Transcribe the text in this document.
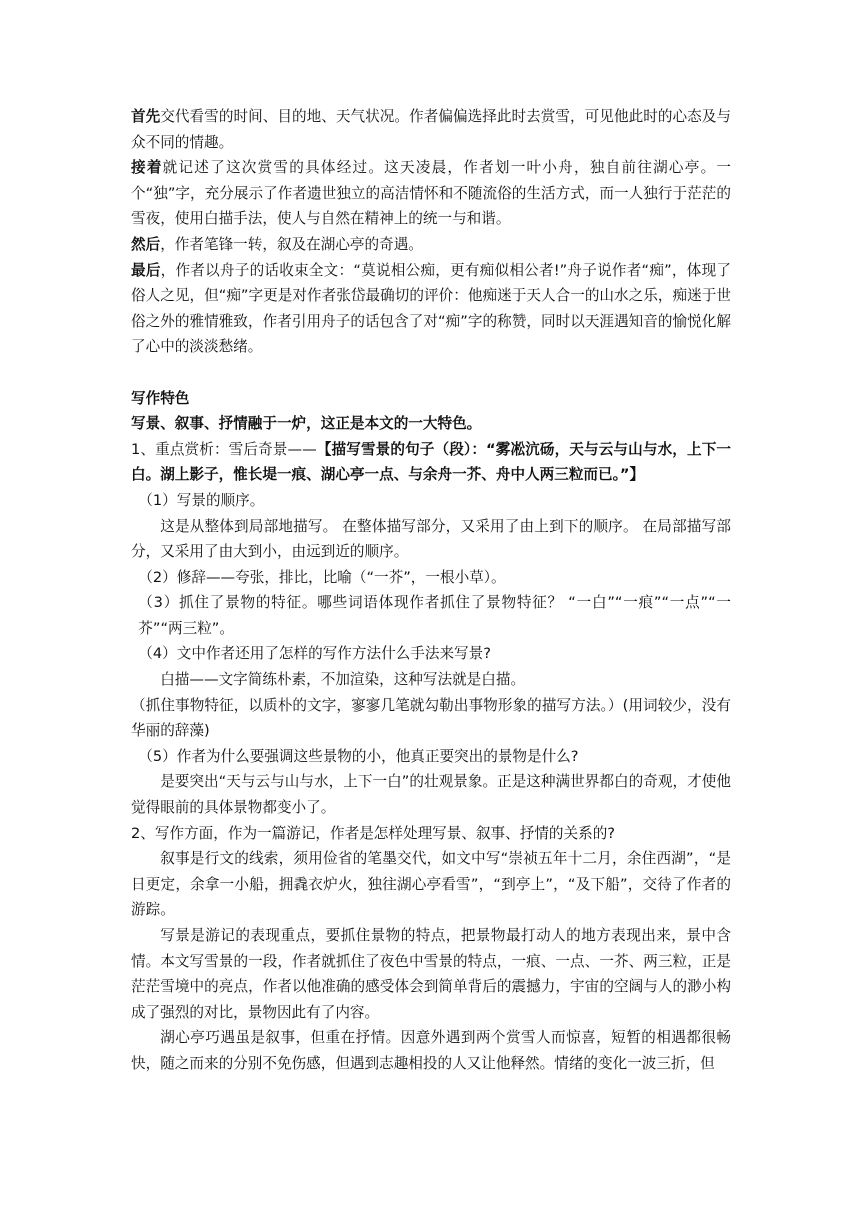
首先交代看雪的时间、目的地、天气状况。作者偏偏选择此时去赏雪，可见他此时的心态及与众不同的情趣。

接着就记述了这次赏雪的具体经过。这天凌晨，作者划一叶小舟，独自前往湖心亭。一个“独”字，充分展示了作者遗世独立的高洁情怀和不随流俗的生活方式，而一人独行于茫茫的雪夜，使用白描手法，使人与自然在精神上的统一与和谐。

然后，作者笔锋一转，叙及在湖心亭的奇遇。

最后，作者以舟子的话收束全文：“莫说相公痴，更有痴似相公者!”舟子说作者“痴”，体现了俗人之见，但“痴”字更是对作者张岱最确切的评价：他痴迷于天人合一的山水之乐，痴迷于世俗之外的雅情雅致，作者引用舟子的话包含了对“痴”字的称赞，同时以天涯遇知音的愉悦化解了心中的淡淡愁绪。

写作特色

写景、叙事、抒情融于一炉，这正是本文的一大特色。

1、重点赏析：雪后奇景——【描写雪景的句子（段）：“雾凇沆砀，天与云与山与水，上下一白。湖上影子，惟长堤一痕、湖心亭一点、与余舟一芥、舟中人两三粒而已。”】

（1）写景的顺序。

这是从整体到局部地描写。 在整体描写部分，又采用了由上到下的顺序。 在局部描写部分，又采用了由大到小，由远到近的顺序。

（2）修辞——夸张，排比，比喻（“一芥”，一根小草）。

（3）抓住了景物的特征。哪些词语体现作者抓住了景物特征？ “一白”“一痕”“一点”“一芥”“两三粒”。

（4）文中作者还用了怎样的写作方法什么手法来写景?

白描——文字简练朴素，不加渲染，这种写法就是白描。

（抓住事物特征，以质朴的文字，寥寥几笔就勾勒出事物形象的描写方法。）(用词较少，没有华丽的辞藻)

（5）作者为什么要强调这些景物的小，他真正要突出的景物是什么?

是要突出“天与云与山与水，上下一白”的壮观景象。正是这种满世界都白的奇观，才使他觉得眼前的具体景物都变小了。

2、写作方面，作为一篇游记，作者是怎样处理写景、叙事、抒情的关系的?

叙事是行文的线索，须用俭省的笔墨交代，如文中写“崇祯五年十二月，余住西湖”，“是日更定，余拿一小船，拥毳衣炉火，独往湖心亭看雪”，“到亭上”，“及下船”，交待了作者的游踪。

写景是游记的表现重点，要抓住景物的特点，把景物最打动人的地方表现出来，景中含情。本文写雪景的一段，作者就抓住了夜色中雪景的特点，一痕、一点、一芥、两三粒，正是茫茫雪境中的亮点，作者以他准确的感受体会到简单背后的震撼力，宇宙的空阔与人的渺小构成了强烈的对比，景物因此有了内容。

湖心亭巧遇虽是叙事，但重在抒情。因意外遇到两个赏雪人而惊喜，短暂的相遇都很畅快，随之而来的分别不免伤感，但遇到志趣相投的人又让他释然。情绪的变化一波三折，但
